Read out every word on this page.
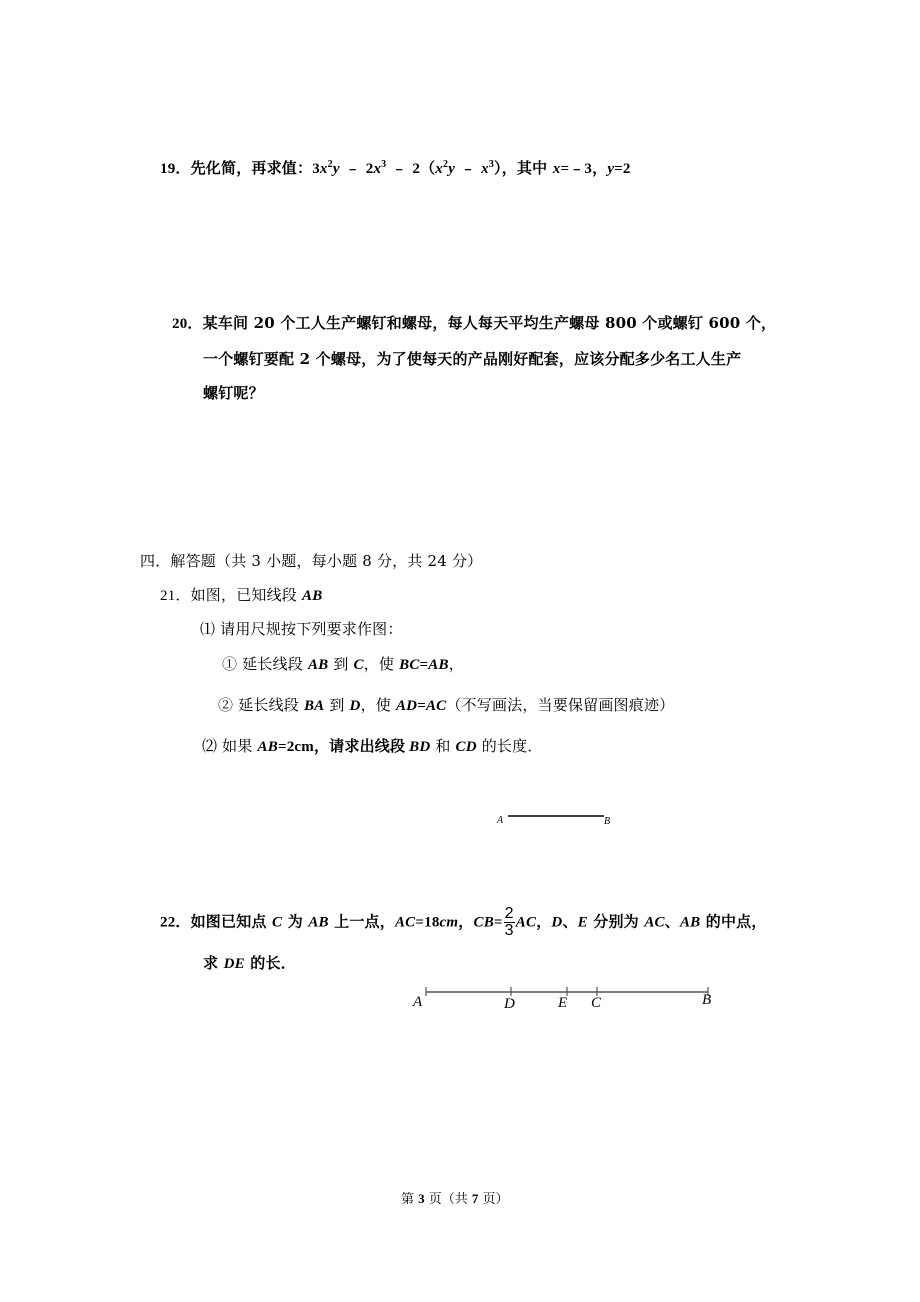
19．先化简，再求值：$3x^2y$ ﹣ $2x^3$ ﹣ $2(x^2y$ ﹣ $x^3$），其中 x=﹣3，y=2
20．某车间 20 个工人生产螺钉和螺母，每人每天平均生产螺母 800 个或螺钉 600 个，
一个螺钉要配 2 个螺母，为了使每天的产品刚好配套，应该分配多少名工人生产
螺钉呢？
四．解答题（共 3 小题，每小题 8 分，共 24 分）
21．如图，已知线段 AB
⑴ 请用尺规按下列要求作图：
① 延长线段 AB 到 C，使 BC=AB，
② 延长线段 BA 到 D，使 AD=AC（不写画法，当要保留画图痕迹）
⑵ 如果 AB=2cm，请求出线段 BD 和 CD 的长度．
A	B
22．如图已知点 C 为 AB 上一点，AC=18cm，$CB= \frac{2}{3}$ AC，D、E 分别为 AC、AB 的中点，
求 DE 的长．
A	D	E C	B
第 3 页（共 7 页）
